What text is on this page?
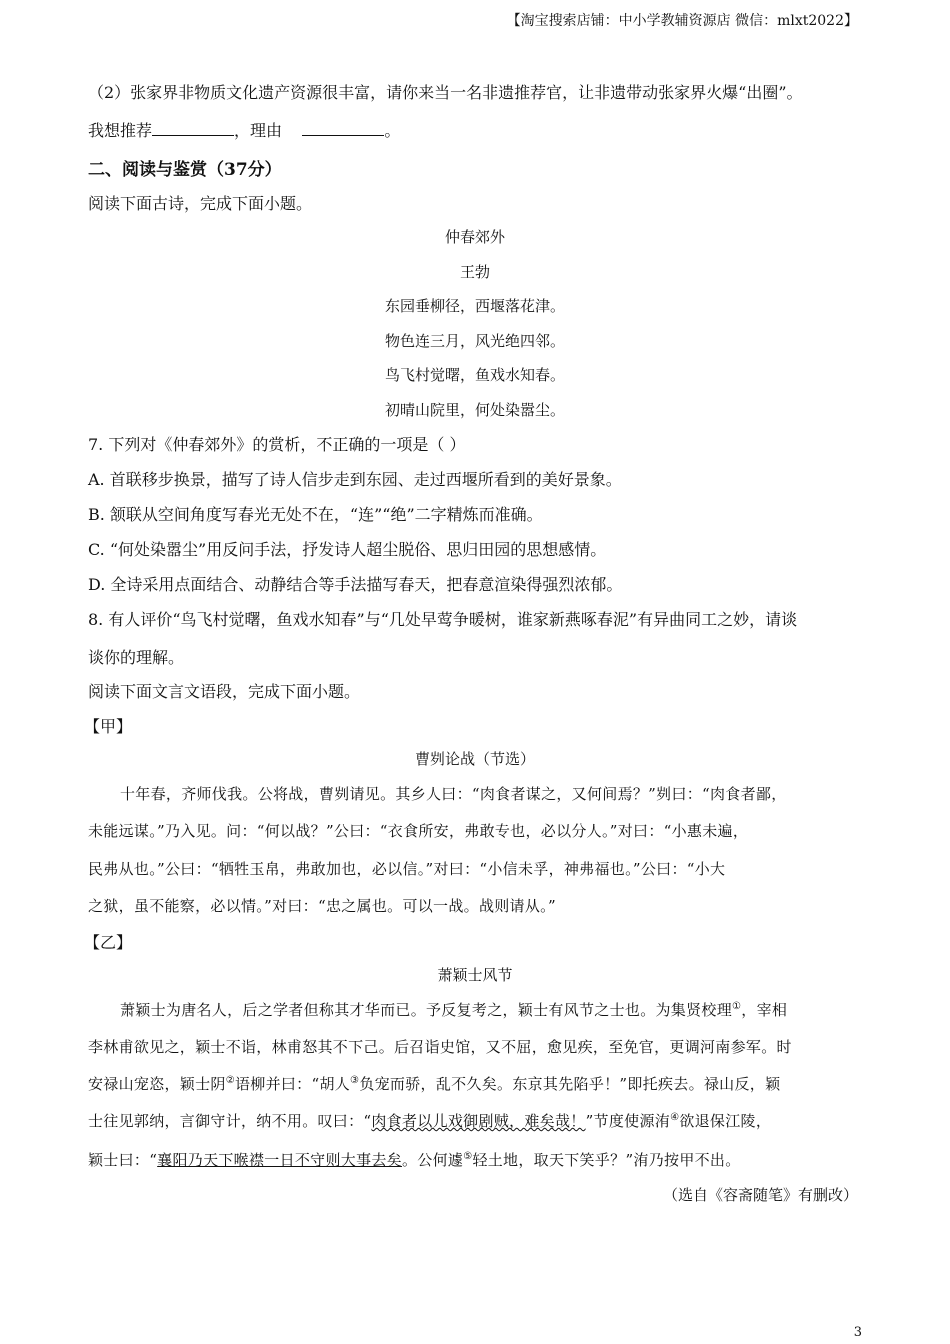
【淘宝搜索店铺：中小学教辅资源店 微信：mlxt2022】
（2）张家界非物质文化遗产资源很丰富，请你来当一名非遗推荐官，让非遗带动张家界火爆“出圈”。
我想推荐	，理由	。
二、阅读与鉴赏（37分）
阅读下面古诗，完成下面小题。
仲春郊外
王勃
东园垂柳径，西堰落花津。
物色连三月，风光绝四邻。
鸟飞村觉曙，鱼戏水知春。
初晴山院里，何处染嚣尘。
7. 下列对《仲春郊外》的赏析，不正确的一项是（ ）
A. 首联移步换景，描写了诗人信步走到东园、走过西堰所看到的美好景象。
B. 颔联从空间角度写春光无处不在，“连”“绝”二字精炼而准确。
C. “何处染嚣尘”用反问手法，抒发诗人超尘脱俗、思归田园的思想感情。
D. 全诗采用点面结合、动静结合等手法描写春天，把春意渲染得强烈浓郁。
8. 有人评价“鸟飞村觉曙，鱼戏水知春”与“几处早莺争暖树，谁家新燕啄春泥”有异曲同工之妙，请谈
谈你的理解。
阅读下面文言文语段，完成下面小题。
【甲】
曹刿论战（节选）
十年春，齐师伐我。公将战，曹刿请见。其乡人曰：“肉食者谋之，又何间焉？”刿曰：“肉食者鄙，
未能远谋。”乃入见。问：“何以战？”公曰：“衣食所安，弗敢专也，必以分人。”对曰：“小惠未遍，
民弗从也。”公曰：“牺牲玉帛，弗敢加也，必以信。”对曰：“小信未孚，神弗福也。”公曰：“小大
之狱，虽不能察，必以情。”对曰：“忠之属也。可以一战。战则请从。”
【乙】
萧颖士风节
萧颖士为唐名人，后之学者但称其才华而已。予反复考之，颖士有风节之士也。为集贤校理①，宰相
李林甫欲见之，颖士不诣，林甫怒其不下己。后召诣史馆，又不屈，愈见疾，至免官，更调河南参军。时
安禄山宠恣，颖士阴②语柳并曰：“胡人③负宠而骄，乱不久矣。东京其先陷乎！”即托疾去。禄山反，颖
士往见郭纳，言御守计，纳不用。叹曰：“肉食者以儿戏御剧贼，难矣哉！”节度使源洧④欲退保江陵，
颖士曰：“襄阳乃天下喉襟一日不守则大事去矣。公何遽⑤轻土地，取天下笑乎？”洧乃按甲不出。
（选自《容斋随笔》有删改）
3
